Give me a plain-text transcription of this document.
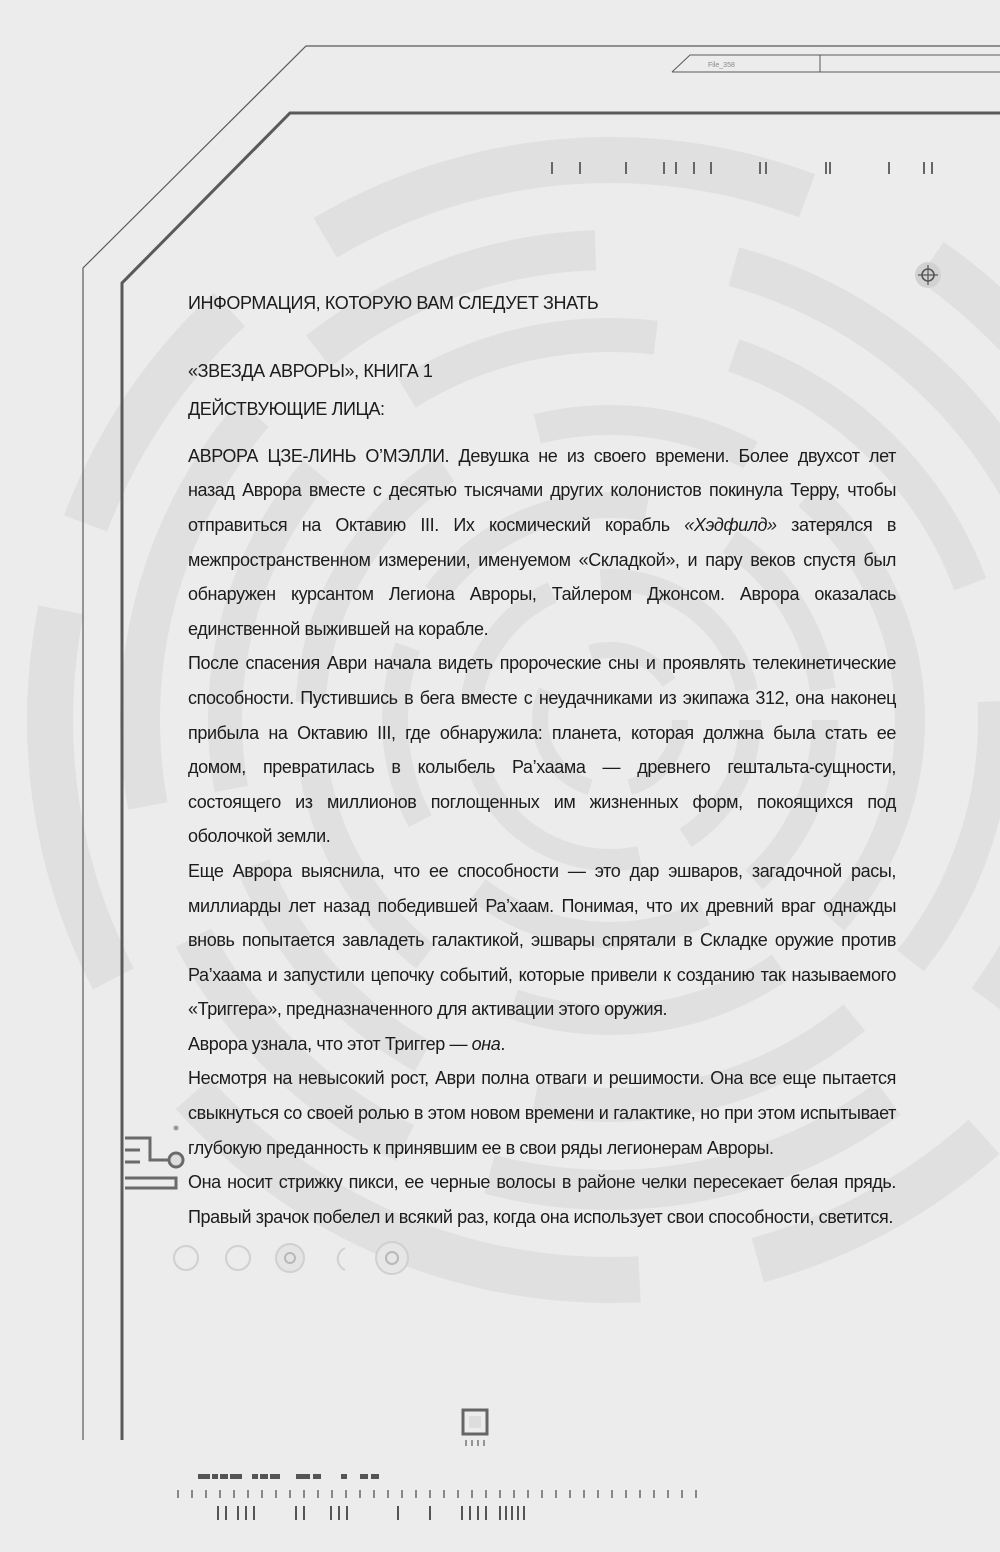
File_358

ИНФОРМАЦИЯ, КОТОРУЮ ВАМ СЛЕДУЕТ ЗНАТЬ

«ЗВЕЗДА АВРОРЫ», КНИГА 1

ДЕЙСТВУЮЩИЕ ЛИЦА:

АВРОРА ЦЗЕ-ЛИНЬ О’МЭЛЛИ. Девушка не из своего времени. Более двухсот лет назад Аврора вместе с десятью тысячами других колонистов покинула Терру, чтобы отправиться на Октавию III. Их космический корабль «Хэдфилд» затерялся в межпространственном измерении, именуемом «Складкой», и пару веков спустя был обнаружен курсантом Легиона Авроры, Тайлером Джонсом. Аврора оказалась единственной выжившей на корабле.

После спасения Аври начала видеть пророческие сны и проявлять телекинетические способности. Пустившись в бега вместе с неудачниками из экипажа 312, она наконец прибыла на Октавию III, где обнаружила: планета, которая должна была стать ее домом, превратилась в колыбель Ра’хаама — древнего гештальта-сущности, состоящего из миллионов поглощенных им жизненных форм, покоящихся под оболочкой земли.

Еще Аврора выяснила, что ее способности — это дар эшваров, загадочной расы, миллиарды лет назад победившей Ра’хаам. Понимая, что их древний враг однажды вновь попытается завладеть галактикой, эшвары спрятали в Складке оружие против Ра’хаама и запустили цепочку событий, которые привели к созданию так называемого «Триггера», предназначенного для активации этого оружия.

Аврора узнала, что этот Триггер — она.

Несмотря на невысокий рост, Аври полна отваги и решимости. Она все еще пытается свыкнуться со своей ролью в этом новом времени и галактике, но при этом испытывает глубокую преданность к принявшим ее в свои ряды легионерам Авроры.

Она носит стрижку пикси, ее черные волосы в районе челки пересекает белая прядь. Правый зрачок побелел и всякий раз, когда она использует свои способности, светится.
